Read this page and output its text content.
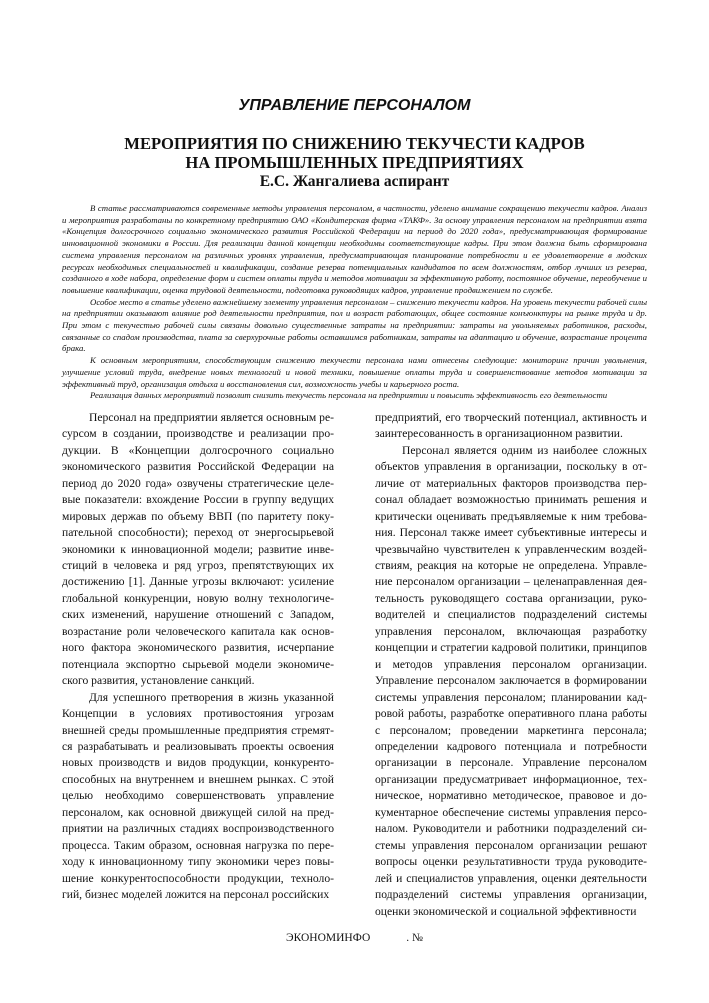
УПРАВЛЕНИЕ ПЕРСОНАЛОМ
МЕРОПРИЯТИЯ ПО СНИЖЕНИЮ ТЕКУЧЕСТИ КАДРОВ
НА ПРОМЫШЛЕННЫХ ПРЕДПРИЯТИЯХ
Е.С. Жангалиева аспирант

В статье рассматриваются современные методы управления персоналом, в частности, уделено внимание сокращению текучести кадров. Анализ и мероприятия разработаны по конкретному предприятию ОАО «Кондитерская фирма «ТАКФ». За основу управления персоналом на предприятии взята «Концепция долгосрочного социально экономического развития Российской Федерации на период до 2020 года», предусматривающая формирование инновационной экономики в России. Для реализации данной концепции необходимы соответствующие кадры. При этом должна быть сформирована система управления персоналом на различных уровнях управления, предусматривающая планирование потребности и ее удовлетворение в людских ресурсах необходимых специальностей и квалификации, создание резерва потенциальных кандидатов по всем должностям, отбор лучших из резерва, созданного в ходе набора, определение форм и систем оплаты труда и методов мотивации за эффективную работу, постоянное обучение, переобучение и повышение квалификации, оценка трудовой деятельности, подготовка руководящих кадров, управление продвижением по службе.

Особое место в статье уделено важнейшему элементу управления персоналом – снижению текучести кадров. На уровень текучести рабочей силы на предприятии оказывают влияние род деятельности предприятия, пол и возраст работающих, общее состояние конъюнктуры на рынке труда и др. При этом с текучестью рабочей силы связаны довольно существенные затраты на предприятии: затраты на увольняемых работников, расходы, связанные со спадом производства, плата за сверхурочные работы оставшимся работникам, затраты на адаптацию и обучение, возрастание процента брака.

К основным мероприятиям, способствующим снижению текучести персонала нами отнесены следующие: мониторинг причин увольнения, улучшение условий труда, внедрение новых технологий и новой техники, повышение оплаты труда и совершенствование методов мотивации за эффективный труд, организация отдыха и восстановления сил, возможность учебы и карьерного роста.

Реализация данных мероприятий позволит снизить текучесть персонала на предприятии и повысить эффективность его деятельности

Персонал на предприятии является основным ресурсом в создании, производстве и реализации продукции. В «Концепции долгосрочного социально экономического развития Российской Федерации на период до 2020 года» озвучены стратегические целевые показатели: вхождение России в группу ведущих мировых держав по объему ВВП (по паритету покупательной способности); переход от энергосырьевой экономики к инновационной модели; развитие инвестиций в человека и ряд угроз, препятствующих их достижению [1]. Данные угрозы включают: усиление глобальной конкуренции, новую волну технологических изменений, нарушение отношений с Западом, возрастание роли человеческого капитала как основного фактора экономического развития, исчерпание потенциала экспортно сырьевой модели экономического развития, установление санкций.

Для успешного претворения в жизнь указанной Концепции в условиях противостояния угрозам внешней среды промышленные предприятия стремятся разрабатывать и реализовывать проекты освоения новых производств и видов продукции, конкурентоспособных на внутреннем и внешнем рынках. С этой целью необходимо совершенствовать управление персоналом, как основной движущей силой на предприятии на различных стадиях воспроизводственного процесса. Таким образом, основная нагрузка по переходу к инновационному типу экономики через повышение конкурентоспособности продукции, технологий, бизнес моделей ложится на персонал российских

предприятий, его творческий потенциал, активность и заинтересованность в организационном развитии.

Персонал является одним из наиболее сложных объектов управления в организации, поскольку в отличие от материальных факторов производства персонал обладает возможностью принимать решения и критически оценивать предъявляемые к ним требования. Персонал также имеет субъективные интересы и чрезвычайно чувствителен к управленческим воздействиям, реакция на которые не определена. Управление персоналом организации – целенаправленная деятельность руководящего состава организации, руководителей и специалистов подразделений системы управления персоналом, включающая разработку концепции и стратегии кадровой политики, принципов и методов управления персоналом организации. Управление персоналом заключается в формировании системы управления персоналом; планировании кадровой работы, разработке оперативного плана работы с персоналом; проведении маркетинга персонала; определении кадрового потенциала и потребности организации в персонале. Управление персоналом организации предусматривает информационное, техническое, нормативно методическое, правовое и документарное обеспечение системы управления персоналом. Руководители и работники подразделений системы управления персоналом организации решают вопросы оценки результативности труда руководителей и специалистов управления, оценки деятельности подразделений системы управления организации, оценки экономической и социальной эффективности

ЭКОНОМИНФО	. №
